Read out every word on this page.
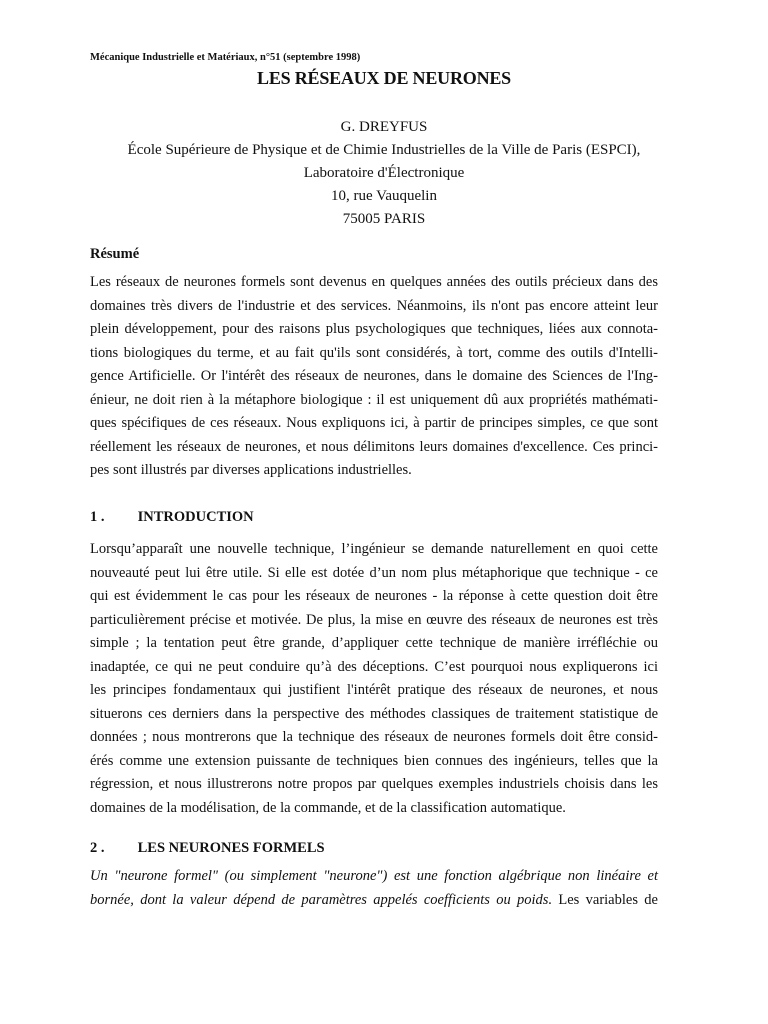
Mécanique Industrielle et Matériaux, n°51 (septembre 1998)
LES RÉSEAUX DE NEURONES
G. DREYFUS
École Supérieure de Physique et de Chimie Industrielles de la Ville de Paris (ESPCI),
Laboratoire d'Électronique
10, rue Vauquelin
75005 PARIS
Résumé
Les réseaux de neurones formels sont devenus en quelques années des outils précieux dans des
domaines très divers de l'industrie et des services. Néanmoins, ils n'ont pas encore atteint leur
plein développement, pour des raisons plus psychologiques que techniques, liées aux connota-
tions biologiques du terme, et au fait qu'ils sont considérés, à tort, comme des outils d'Intelli-
gence Artificielle. Or l'intérêt des réseaux de neurones, dans le domaine des Sciences de l'Ing-
énieur, ne doit rien à la métaphore biologique : il est uniquement dû aux propriétés mathémati-
ques spécifiques de ces réseaux. Nous expliquons ici, à partir de principes simples, ce que sont
réellement les réseaux de neurones, et nous délimitons leurs domaines d'excellence. Ces princi-
pes sont illustrés par diverses applications industrielles.
1 . INTRODUCTION
Lorsqu’apparaît une nouvelle technique, l’ingénieur se demande naturellement en quoi cette
nouveauté peut lui être utile. Si elle est dotée d’un nom plus métaphorique que technique - ce
qui est évidemment le cas pour les réseaux de neurones - la réponse à cette question doit être
particulièrement précise et motivée. De plus, la mise en œuvre des réseaux de neurones est très
simple ; la tentation peut être grande, d’appliquer cette technique de manière irréfléchie ou
inadaptée, ce qui ne peut conduire qu’à des déceptions. C’est pourquoi nous expliquerons ici
les principes fondamentaux qui justifient l'intérêt pratique des réseaux de neurones, et nous
situerons ces derniers dans la perspective des méthodes classiques de traitement statistique de
données ; nous montrerons que la technique des réseaux de neurones formels doit être consid-
érés comme une extension puissante de techniques bien connues des ingénieurs, telles que la
régression, et nous illustrerons notre propos par quelques exemples industriels choisis dans les
domaines de la modélisation, de la commande, et de la classification automatique.
2 . LES NEURONES FORMELS
Un "neurone formel" (ou simplement "neurone") est une fonction algébrique non linéaire et
bornée, dont la valeur dépend de paramètres appelés coefficients ou poids. Les variables de
